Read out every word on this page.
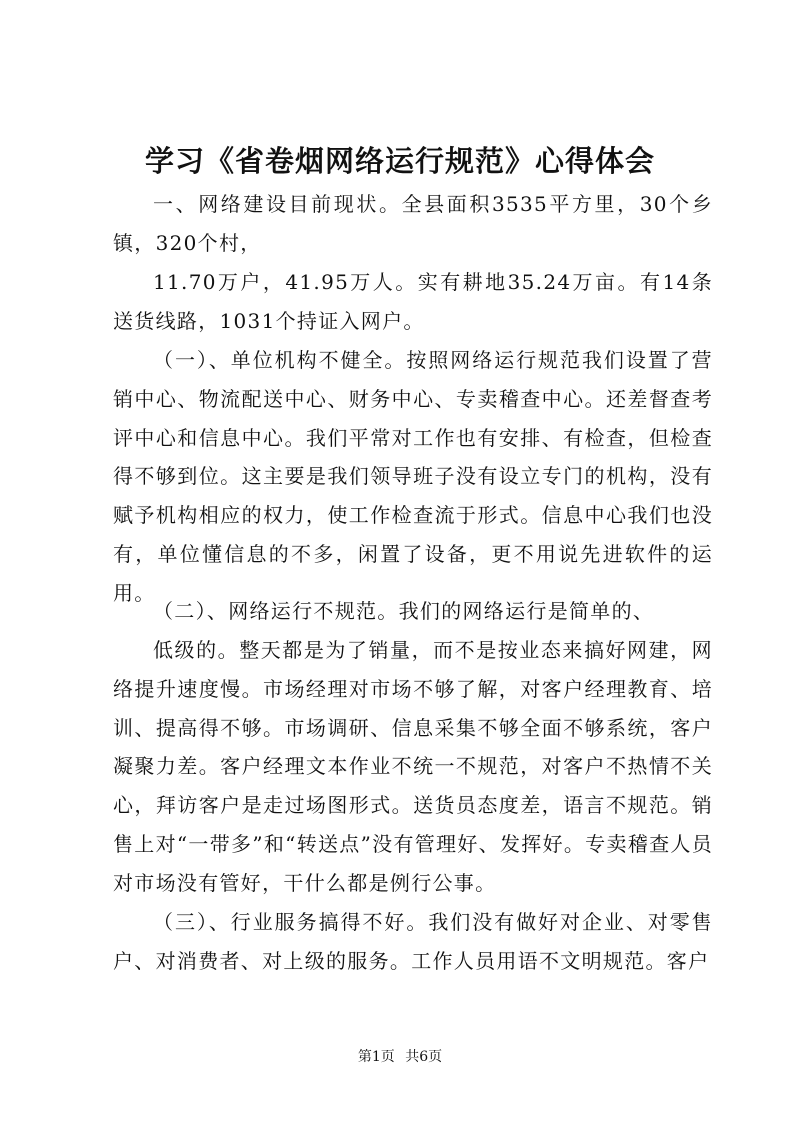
学习《省卷烟网络运行规范》心得体会
一、网络建设目前现状。全县面积3535平方里，30个乡镇，320个村，
11.70万户，41.95万人。实有耕地35.24万亩。有14条送货线路，1031个持证入网户。
（一）、单位机构不健全。按照网络运行规范我们设置了营销中心、物流配送中心、财务中心、专卖稽查中心。还差督查考评中心和信息中心。我们平常对工作也有安排、有检查，但检查得不够到位。这主要是我们领导班子没有设立专门的机构，没有赋予机构相应的权力，使工作检查流于形式。信息中心我们也没有，单位懂信息的不多，闲置了设备，更不用说先进软件的运用。
（二）、网络运行不规范。我们的网络运行是简单的、
低级的。整天都是为了销量，而不是按业态来搞好网建，网络提升速度慢。市场经理对市场不够了解，对客户经理教育、培训、提高得不够。市场调研、信息采集不够全面不够系统，客户凝聚力差。客户经理文本作业不统一不规范，对客户不热情不关心，拜访客户是走过场图形式。送货员态度差，语言不规范。销售上对“一带多”和“转送点”没有管理好、发挥好。专卖稽查人员对市场没有管好，干什么都是例行公事。
（三）、行业服务搞得不好。我们没有做好对企业、对零售户、对消费者、对上级的服务。工作人员用语不文明规范。客户
第1页 共6页
